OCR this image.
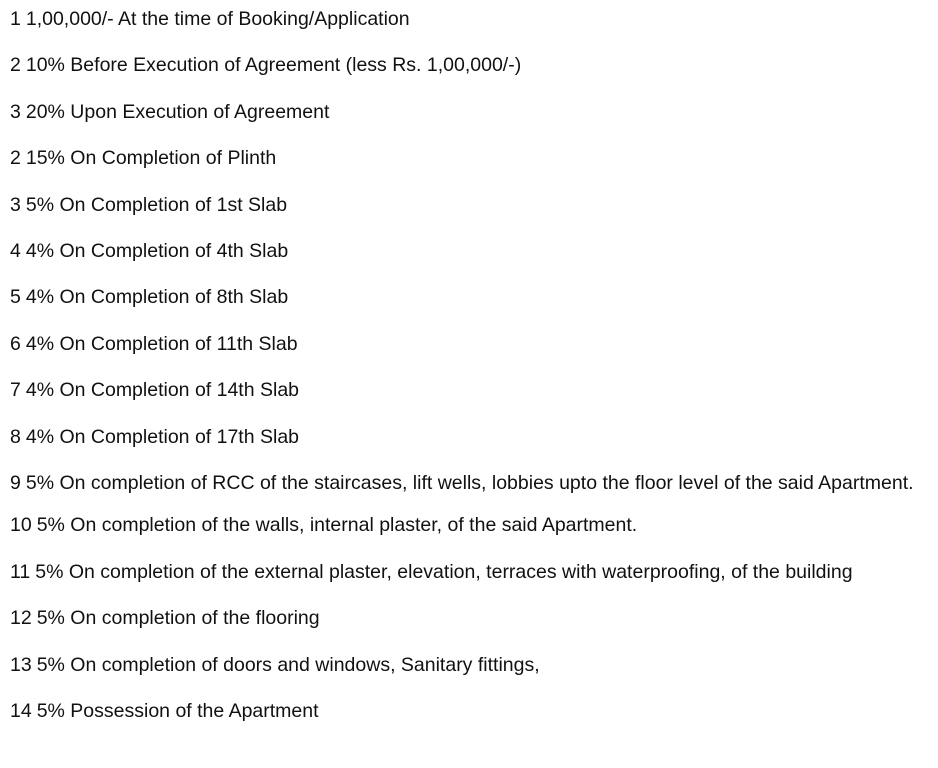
1 1,00,000/- At the time of Booking/Application
2 10% Before Execution of Agreement (less Rs. 1,00,000/-)
3 20% Upon Execution of Agreement
2 15% On Completion of Plinth
3 5% On Completion of 1st Slab
4 4% On Completion of 4th Slab
5 4% On Completion of 8th Slab
6 4% On Completion of 11th Slab
7 4% On Completion of 14th Slab
8 4% On Completion of 17th Slab
9 5% On completion of RCC of the staircases, lift wells, lobbies upto the floor level of the said Apartment.
10 5% On completion of the walls, internal plaster, of the said Apartment.
11 5% On completion of the external plaster, elevation, terraces with waterproofing, of the building
12 5% On completion of the flooring
13 5% On completion of doors and windows, Sanitary fittings,
14 5% Possession of the Apartment
